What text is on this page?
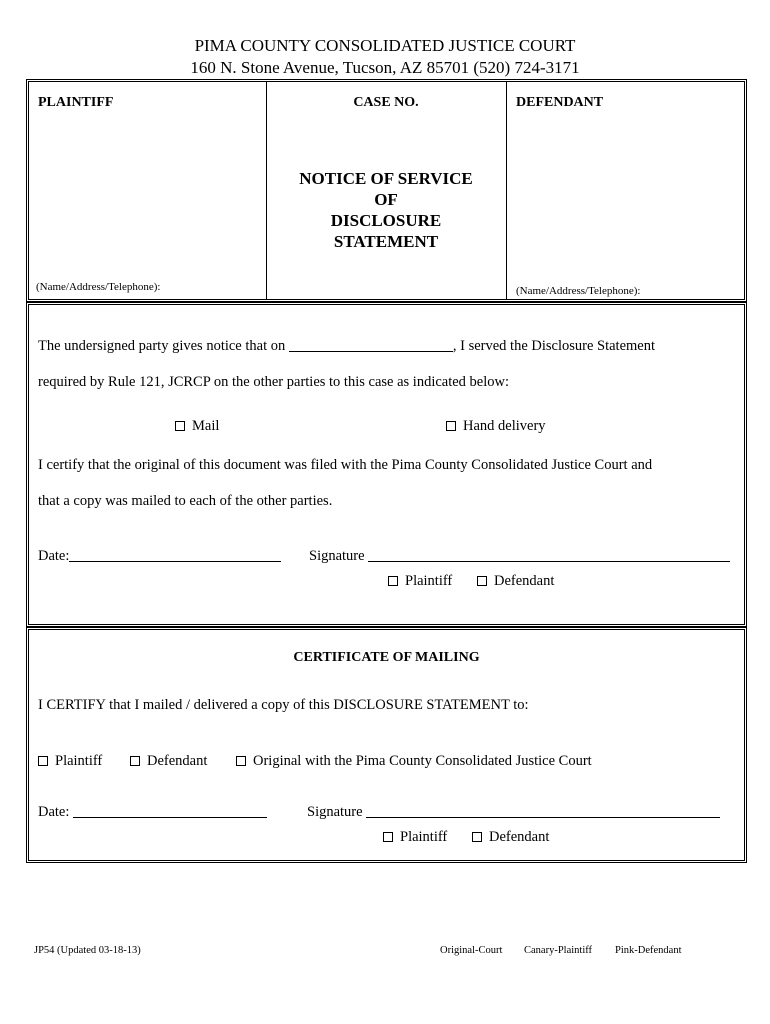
PIMA COUNTY CONSOLIDATED JUSTICE COURT
160 N. Stone Avenue, Tucson, AZ 85701 (520) 724-3171
PLAINTIFF	CASE NO.	DEFENDANT
NOTICE OF SERVICE
OF
DISCLOSURE
STATEMENT
(Name/Address/Telephone):	(Name/Address/Telephone):
The undersigned party gives notice that on	, I served the Disclosure Statement
required by Rule 121, JCRCP on the other parties to this case as indicated below:
Mail	Hand delivery
I certify that the original of this document was filed with the Pima County Consolidated Justice Court and
that a copy was mailed to each of the other parties.
Date:	Signature
Plaintiff	Defendant
CERTIFICATE OF MAILING
I CERTIFY that I mailed / delivered a copy of this DISCLOSURE STATEMENT to:
Plaintiff	Defendant	Original with the Pima County Consolidated Justice Court
Date:	Signature
Plaintiff	Defendant
JP54 (Updated 03-18-13)	Original-Court Canary-Plaintiff Pink-Defendant
